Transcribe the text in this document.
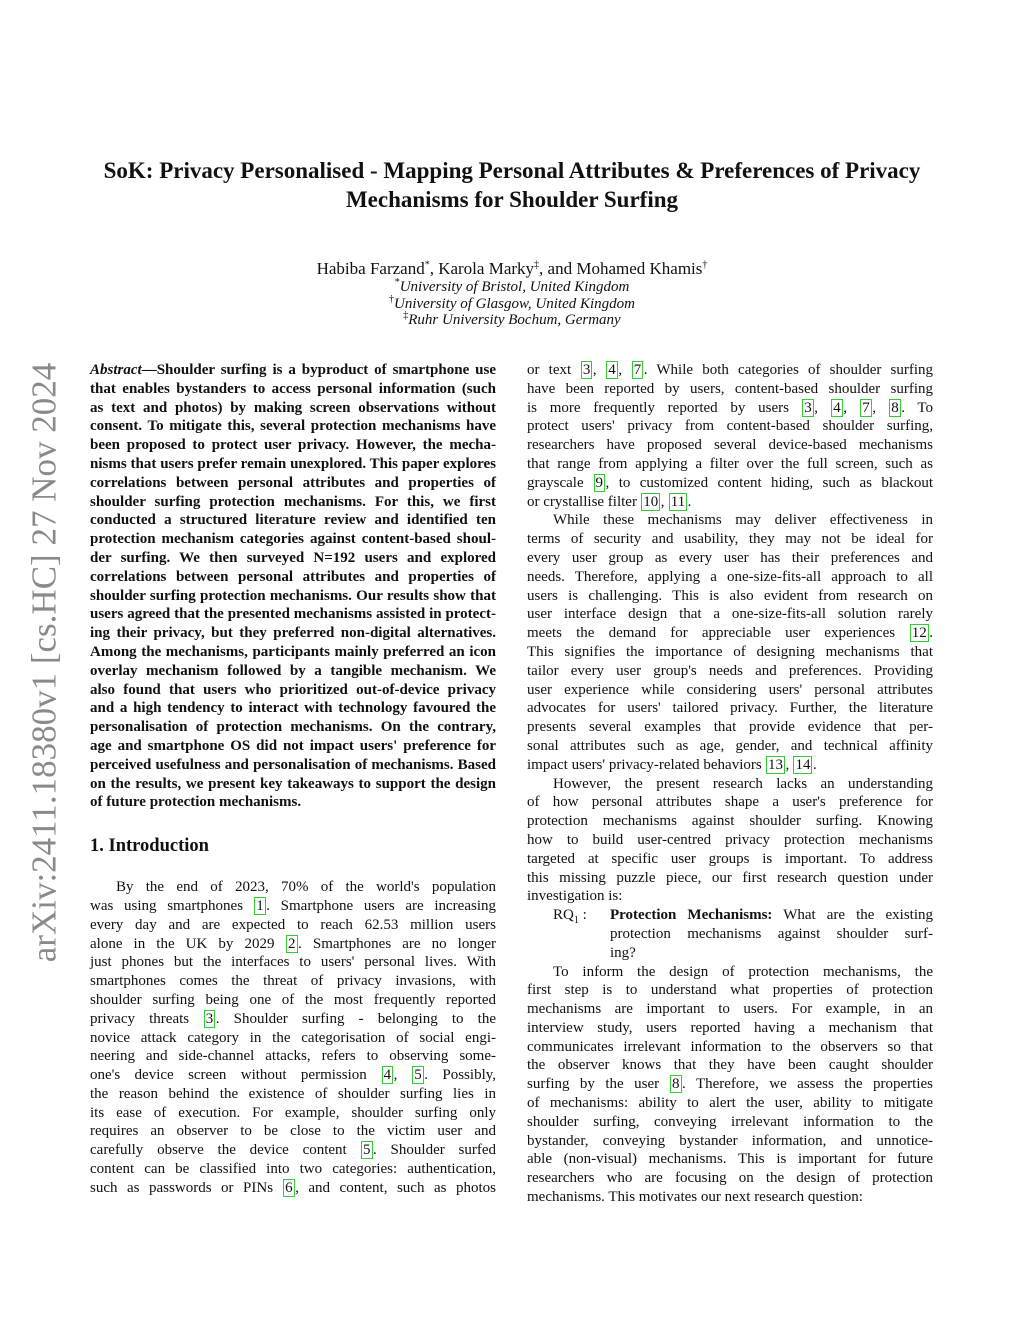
arXiv:2411.18380v1 [cs.HC] 27 Nov 2024
SoK: Privacy Personalised - Mapping Personal Attributes & Preferences of Privacy
Mechanisms for Shoulder Surfing
Habiba Farzand*, Karola Marky‡, and Mohamed Khamis†
*University of Bristol, United Kingdom
†University of Glasgow, United Kingdom
‡Ruhr University Bochum, Germany
Abstract—Shoulder surfing is a byproduct of smartphone use
that enables bystanders to access personal information (such
as text and photos) by making screen observations without
consent. To mitigate this, several protection mechanisms have
been proposed to protect user privacy. However, the mecha-
nisms that users prefer remain unexplored. This paper explores
correlations between personal attributes and properties of
shoulder surfing protection mechanisms. For this, we first
conducted a structured literature review and identified ten
protection mechanism categories against content-based shoul-
der surfing. We then surveyed N=192 users and explored
correlations between personal attributes and properties of
shoulder surfing protection mechanisms. Our results show that
users agreed that the presented mechanisms assisted in protect-
ing their privacy, but they preferred non-digital alternatives.
Among the mechanisms, participants mainly preferred an icon
overlay mechanism followed by a tangible mechanism. We
also found that users who prioritized out-of-device privacy
and a high tendency to interact with technology favoured the
personalisation of protection mechanisms. On the contrary,
age and smartphone OS did not impact users' preference for
perceived usefulness and personalisation of mechanisms. Based
on the results, we present key takeaways to support the design
of future protection mechanisms.
1. Introduction
By the end of 2023, 70% of the world's population
was using smartphones 1 . Smartphone users are increasing
every day and are expected to reach 62.53 million users
alone in the UK by 2029 2 . Smartphones are no longer
just phones but the interfaces to users' personal lives. With
smartphones comes the threat of privacy invasions, with
shoulder surfing being one of the most frequently reported
privacy threats 3 . Shoulder surfing - belonging to the
novice attack category in the categorisation of social engi-
neering and side-channel attacks, refers to observing some-
one's device screen without permission 4 , 5 . Possibly,
the reason behind the existence of shoulder surfing lies in
its ease of execution. For example, shoulder surfing only
requires an observer to be close to the victim user and
carefully observe the device content 5 . Shoulder surfed
content can be classified into two categories: authentication,
such as passwords or PINs 6 , and content, such as photos
or text 3 , 4 , 7 . While both categories of shoulder surfing
have been reported by users, content-based shoulder surfing
is more frequently reported by users 3 , 4 , 7 , 8 . To
protect users' privacy from content-based shoulder surfing,
researchers have proposed several device-based mechanisms
that range from applying a filter over the full screen, such as
grayscale 9 , to customized content hiding, such as blackout
or crystallise filter 10 , 11 .
While these mechanisms may deliver effectiveness in
terms of security and usability, they may not be ideal for
every user group as every user has their preferences and
needs. Therefore, applying a one-size-fits-all approach to all
users is challenging. This is also evident from research on
user interface design that a one-size-fits-all solution rarely
meets the demand for appreciable user experiences 12 .
This signifies the importance of designing mechanisms that
tailor every user group's needs and preferences. Providing
user experience while considering users' personal attributes
advocates for users' tailored privacy. Further, the literature
presents several examples that provide evidence that per-
sonal attributes such as age, gender, and technical affinity
impact users' privacy-related behaviors 13 , 14 .
However, the present research lacks an understanding
of how personal attributes shape a user's preference for
protection mechanisms against shoulder surfing. Knowing
how to build user-centred privacy protection mechanisms
targeted at specific user groups is important. To address
this missing puzzle piece, our first research question under
investigation is:
$RQ_1$ : Protection Mechanisms: What are the existing
protection mechanisms against shoulder surf-
ing?
To inform the design of protection mechanisms, the
first step is to understand what properties of protection
mechanisms are important to users. For example, in an
interview study, users reported having a mechanism that
communicates irrelevant information to the observers so that
the observer knows that they have been caught shoulder
surfing by the user 8 . Therefore, we assess the properties
of mechanisms: ability to alert the user, ability to mitigate
shoulder surfing, conveying irrelevant information to the
bystander, conveying bystander information, and unnotice-
able (non-visual) mechanisms. This is important for future
researchers who are focusing on the design of protection
mechanisms. This motivates our next research question:
